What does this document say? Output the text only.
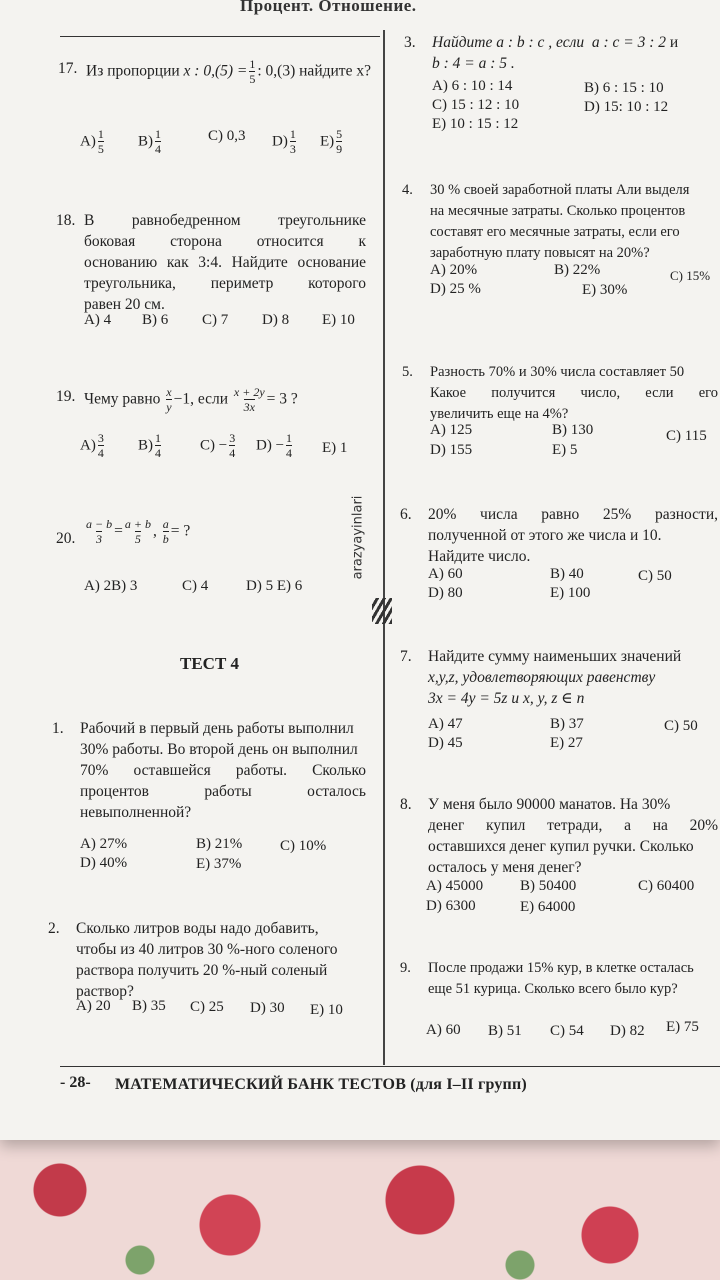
Процент. Отношение.
17. Из пропорции x : $0,(5) = \frac{1}{5}$ : 0,(3) найдите x?
$A) \frac{1}{5} B) \frac{1}{4}$	C) 0,3 $D) \frac{1}{3} E) \frac{5}{9}$
18. В равнобедренном треугольнике
боковая сторона относится к
основанию как 3:4. Найдите основание
треугольника, периметр которого
равен 20 см.
A) 4 B) 6 C) 7 D) 8 E) 10
19. Чему равно $\frac{x}{y} -1$, если $\frac{x + 2y}{3x} = 3$ ?
$A) \frac{3}{4} B) \frac{1}{4}$	$C) - \frac{3}{4} D) - \frac{1}{4} E$) 1
20. $\frac{a - b}{3} = \frac{a + b}{5}$ , $\frac{a}{b}$ = ?
A) 2B) 3	C) 4	D) 5 E) 6
ТЕСТ 4
1. Рабочий в первый день работы выполнил
30% работы. Во второй день он выполнил
70% оставшейся работы. Сколько
процентов работы осталось
невыполненной?
A) 27%	B) 21%	C) 10%
D) 40%	E) 37%
2. Сколько литров воды надо добавить,
чтобы из 40 литров 30 %-ного соленого
раствора получить 20 %-ный соленый
раствор?
A) 20 B) 35 C) 25 D) 30 E) 10
arazyayinlari
3. Найдите a : b : c , если a : c = 3 : 2 и
b : 4 = a : 5 .
A) 6 : 10 : 14	B) 6 : 15 : 10
C) 15 : 12 : 10	D) 15: 10 : 12
E) 10 : 15 : 12
4. 30 % своей заработной платы Али выделя
на месячные затраты. Сколько процентов
составят его месячные затраты, если его
заработную плату повысят на 20%?
A) 20%	B) 22%	C) 15%
D) 25 %	E) 30%
5. Разность 70% и 30% числа составляет 50
Какое получится число, если его
увеличить еще на 4%?
A) 125	B) 130	C) 115
D) 155	E) 5
6. 20% числа равно 25% разности,
полученной от этого же числа и 10.
Найдите число.
A) 60	B) 40	C) 50
D) 80	E) 100
7. Найдите сумму наименьших значений
x,y,z, удовлетворяющих равенству
3x = 4y = 5z и x, y, z ∈ n
A) 47	B) 37	C) 50
D) 45	E) 27
8. У меня было 90000 манатов. На 30%
денег купил тетради, а на 20%
оставшихся денег купил ручки. Сколько
осталось у меня денег?
A) 45000 B) 50400	C) 60400
D) 6300	E) 64000
9. После продажи 15% кур, в клетке осталась
еще 51 курица. Сколько всего было кур?
A) 60 B) 51 C) 54 D) 82 E) 75
- 28- МАТЕМАТИЧЕСКИЙ БАНК ТЕСТОВ (для I–II групп)
